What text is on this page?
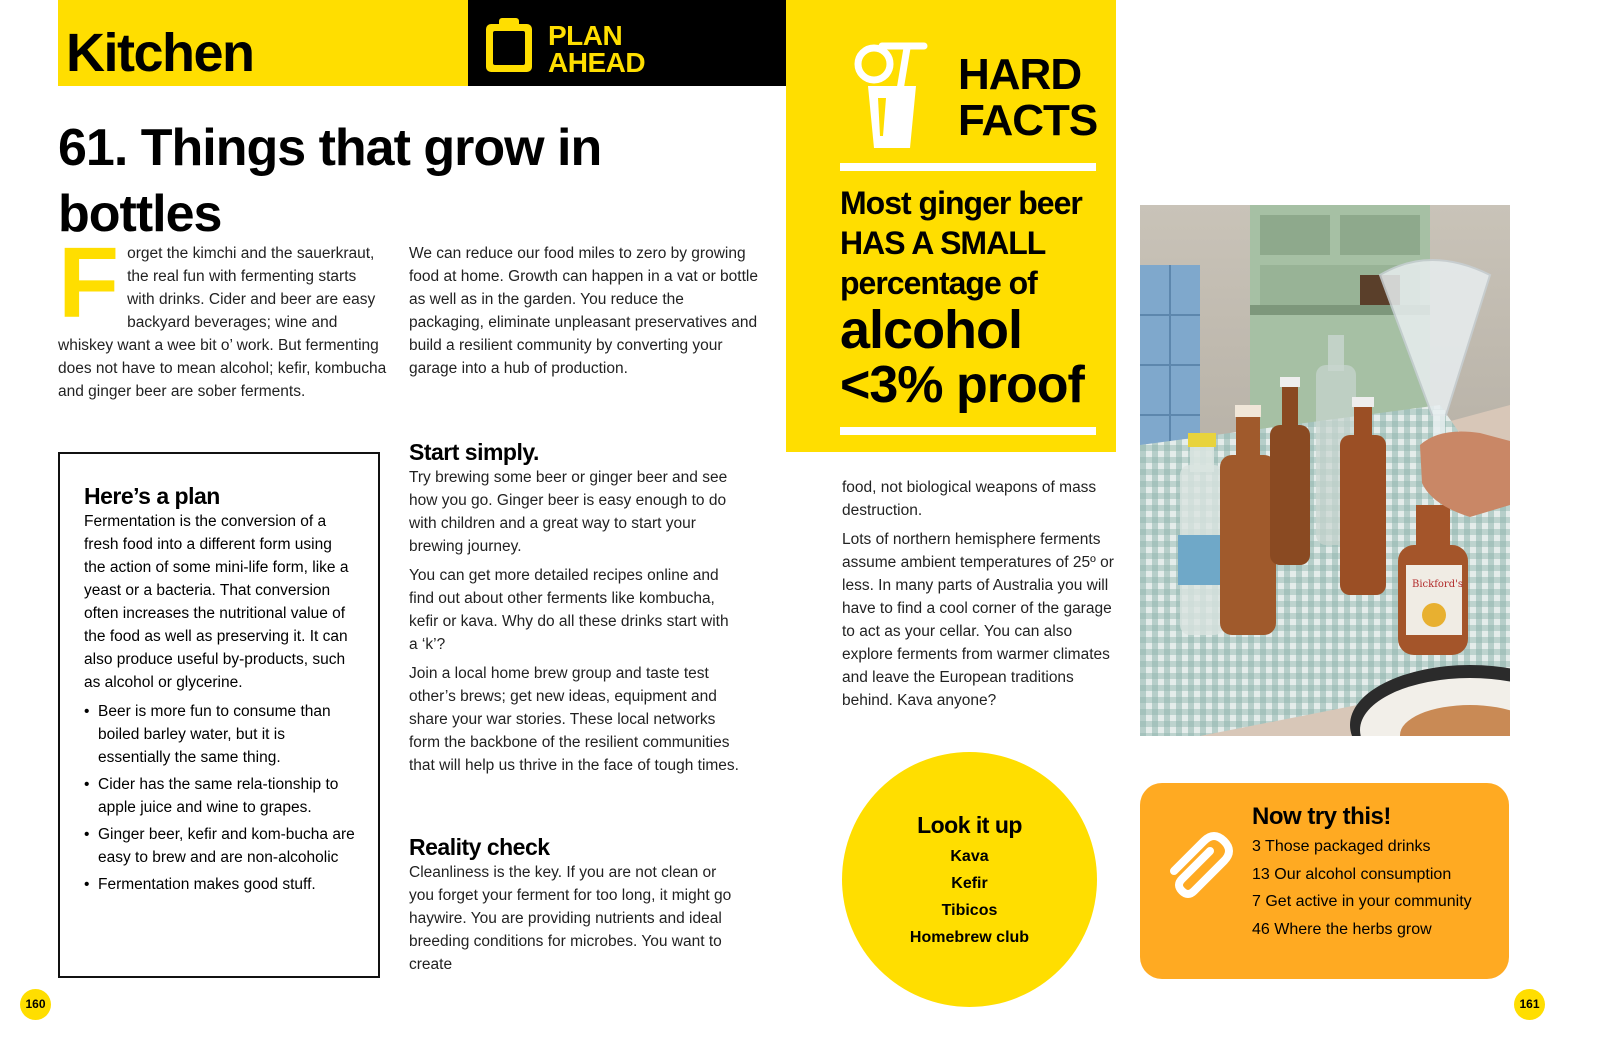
Kitchen	PLAN
AHEAD
61. Things that grow in
bottles
F orget the kimchi and the sauerkraut, the real fun with fermenting starts with drinks. Cider and beer are easy backyard beverages; wine and whiskey want a wee bit o’ work. But fermenting does not have to mean alcohol; kefir, kombucha and ginger beer are sober ferments.
We can reduce our food miles to zero by growing food at home. Growth can happen in a vat or bottle as well as in the garden. You reduce the packaging, eliminate unpleasant preservatives and build a resilient community by converting your garage into a hub of production.
Here’s a plan
Fermentation is the conversion of a fresh food into a different form using the action of some mini-life form, like a yeast or a bacteria. That conversion often increases the nutritional value of the food as well as preserving it. It can also produce useful by-products, such as alcohol or glycerine.
• Beer is more fun to consume than boiled barley water, but it is essentially the same thing.
• Cider has the same rela-tionship to apple juice and wine to grapes.
• Ginger beer, kefir and kom-bucha are easy to brew and are non-alcoholic
• Fermentation makes good stuff.
Start simply.

Try brewing some beer or ginger beer and see how you go. Ginger beer is easy enough to do with children and a great way to start your brewing journey.

You can get more detailed recipes online and find out about other ferments like kombucha, kefir or kava. Why do all these drinks start with a ‘k’?

Join a local home brew group and taste test other’s brews; get new ideas, equipment and share your war stories. These local networks form the backbone of the resilient communities that will help us thrive in the face of tough times.

Reality check

Cleanliness is the key. If you are not clean or you forget your ferment for too long, it might go haywire. You are providing nutrients and ideal breeding conditions for microbes. You want to create

HARD
FACTS
Most ginger beer
HAS A SMALL
percentage of
alcohol
<3% proof

food, not biological weapons of mass destruction.

Lots of northern hemisphere ferments assume ambient temperatures of 25º or less. In many parts of Australia you will have to find a cool corner of the garage to act as your cellar. You can also explore ferments from warmer climates and leave the European traditions behind. Kava anyone?

Bickford's
Look it up
Kava
Kefir
Tibicos
Homebrew club
Now try this!
3 Those packaged drinks
13 Our alcohol consumption
7 Get active in your community
46 Where the herbs grow
160	161
